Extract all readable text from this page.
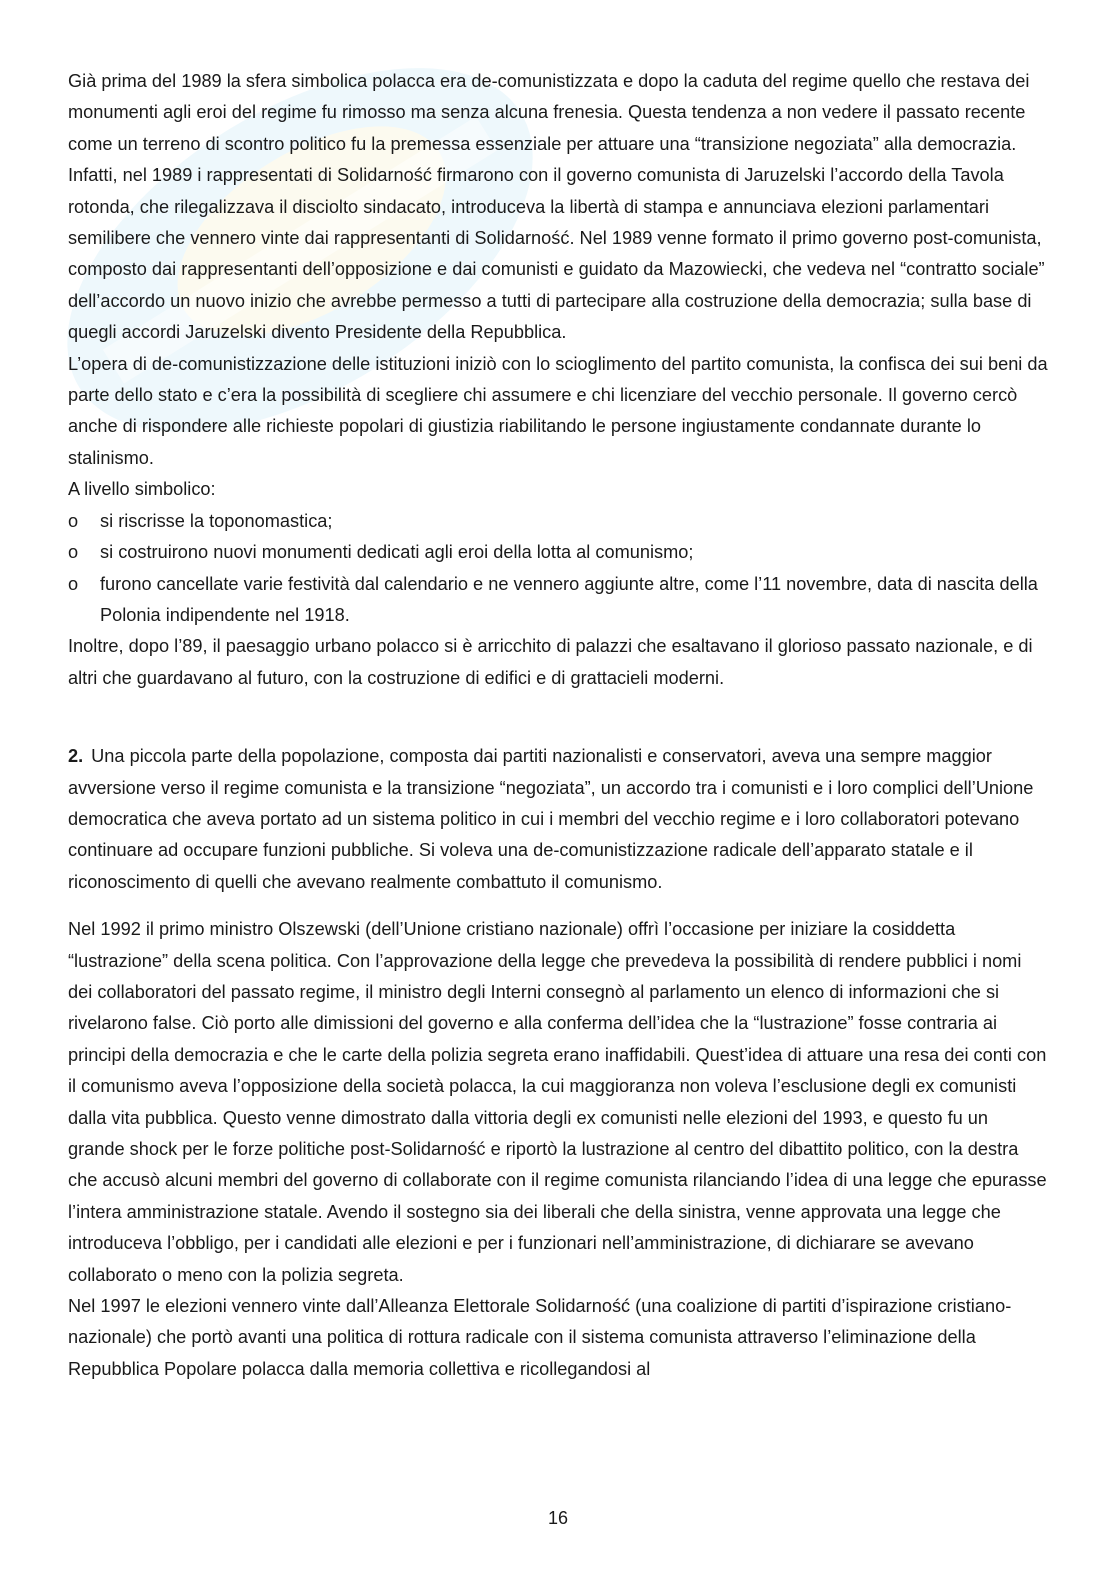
Già prima del 1989 la sfera simbolica polacca era de-comunistizzata e dopo la caduta del regime quello che restava dei monumenti agli eroi del regime fu rimosso ma senza alcuna frenesia. Questa tendenza a non vedere il passato recente come un terreno di scontro politico fu la premessa essenziale per attuare una “transizione negoziata” alla democrazia. Infatti, nel 1989 i rappresentati di Solidarność firmarono con il governo comunista di Jaruzelski l’accordo della Tavola rotonda, che rilegalizzava il disciolto sindacato, introduceva la libertà di stampa e annunciava elezioni parlamentari semilibere che vennero vinte dai rappresentanti di Solidarność. Nel 1989 venne formato il primo governo post-comunista, composto dai rappresentanti dell’opposizione e dai comunisti e guidato da Mazowiecki, che vedeva nel “contratto sociale” dell’accordo un nuovo inizio che avrebbe permesso a tutti di partecipare alla costruzione della democrazia; sulla base di quegli accordi Jaruzelski divento Presidente della Repubblica.

L’opera di de-comunistizzazione delle istituzioni iniziò con lo scioglimento del partito comunista, la confisca dei sui beni da parte dello stato e c’era la possibilità di scegliere chi assumere e chi licenziare del vecchio personale. Il governo cercò anche di rispondere alle richieste popolari di giustizia riabilitando le persone ingiustamente condannate durante lo stalinismo.

A livello simbolico:

o	si riscrisse la toponomastica;
o	si costruirono nuovi monumenti dedicati agli eroi della lotta al comunismo;
o	furono cancellate varie festività dal calendario e ne vennero aggiunte altre, come l’11 novembre, data di nascita della Polonia indipendente nel 1918.

Inoltre, dopo l’89, il paesaggio urbano polacco si è arricchito di palazzi che esaltavano il glorioso passato nazionale, e di altri che guardavano al futuro, con la costruzione di edifici e di grattacieli moderni.

2. Una piccola parte della popolazione, composta dai partiti nazionalisti e conservatori, aveva una sempre maggior avversione verso il regime comunista e la transizione “negoziata”, un accordo tra i comunisti e i loro complici dell’Unione democratica che aveva portato ad un sistema politico in cui i membri del vecchio regime e i loro collaboratori potevano continuare ad occupare funzioni pubbliche. Si voleva una de-comunistizzazione radicale dell’apparato statale e il riconoscimento di quelli che avevano realmente combattuto il comunismo.

Nel 1992 il primo ministro Olszewski (dell’Unione cristiano nazionale) offrì l’occasione per iniziare la cosiddetta “lustrazione” della scena politica. Con l’approvazione della legge che prevedeva la possibilità di rendere pubblici i nomi dei collaboratori del passato regime, il ministro degli Interni consegnò al parlamento un elenco di informazioni che si rivelarono false. Ciò porto alle dimissioni del governo e alla conferma dell’idea che la “lustrazione” fosse contraria ai principi della democrazia e che le carte della polizia segreta erano inaffidabili. Quest’idea di attuare una resa dei conti con il comunismo aveva l’opposizione della società polacca, la cui maggioranza non voleva l’esclusione degli ex comunisti dalla vita pubblica. Questo venne dimostrato dalla vittoria degli ex comunisti nelle elezioni del 1993, e questo fu un grande shock per le forze politiche post-Solidarność e riportò la lustrazione al centro del dibattito politico, con la destra che accusò alcuni membri del governo di collaborate con il regime comunista rilanciando l’idea di una legge che epurasse l’intera amministrazione statale. Avendo il sostegno sia dei liberali che della sinistra, venne approvata una legge che introduceva l’obbligo, per i candidati alle elezioni e per i funzionari nell’amministrazione, di dichiarare se avevano collaborato o meno con la polizia segreta.

Nel 1997 le elezioni vennero vinte dall’Alleanza Elettorale Solidarność (una coalizione di partiti d’ispirazione cristiano-nazionale) che portò avanti una politica di rottura radicale con il sistema comunista attraverso l’eliminazione della Repubblica Popolare polacca dalla memoria collettiva e ricollegandosi al

16
